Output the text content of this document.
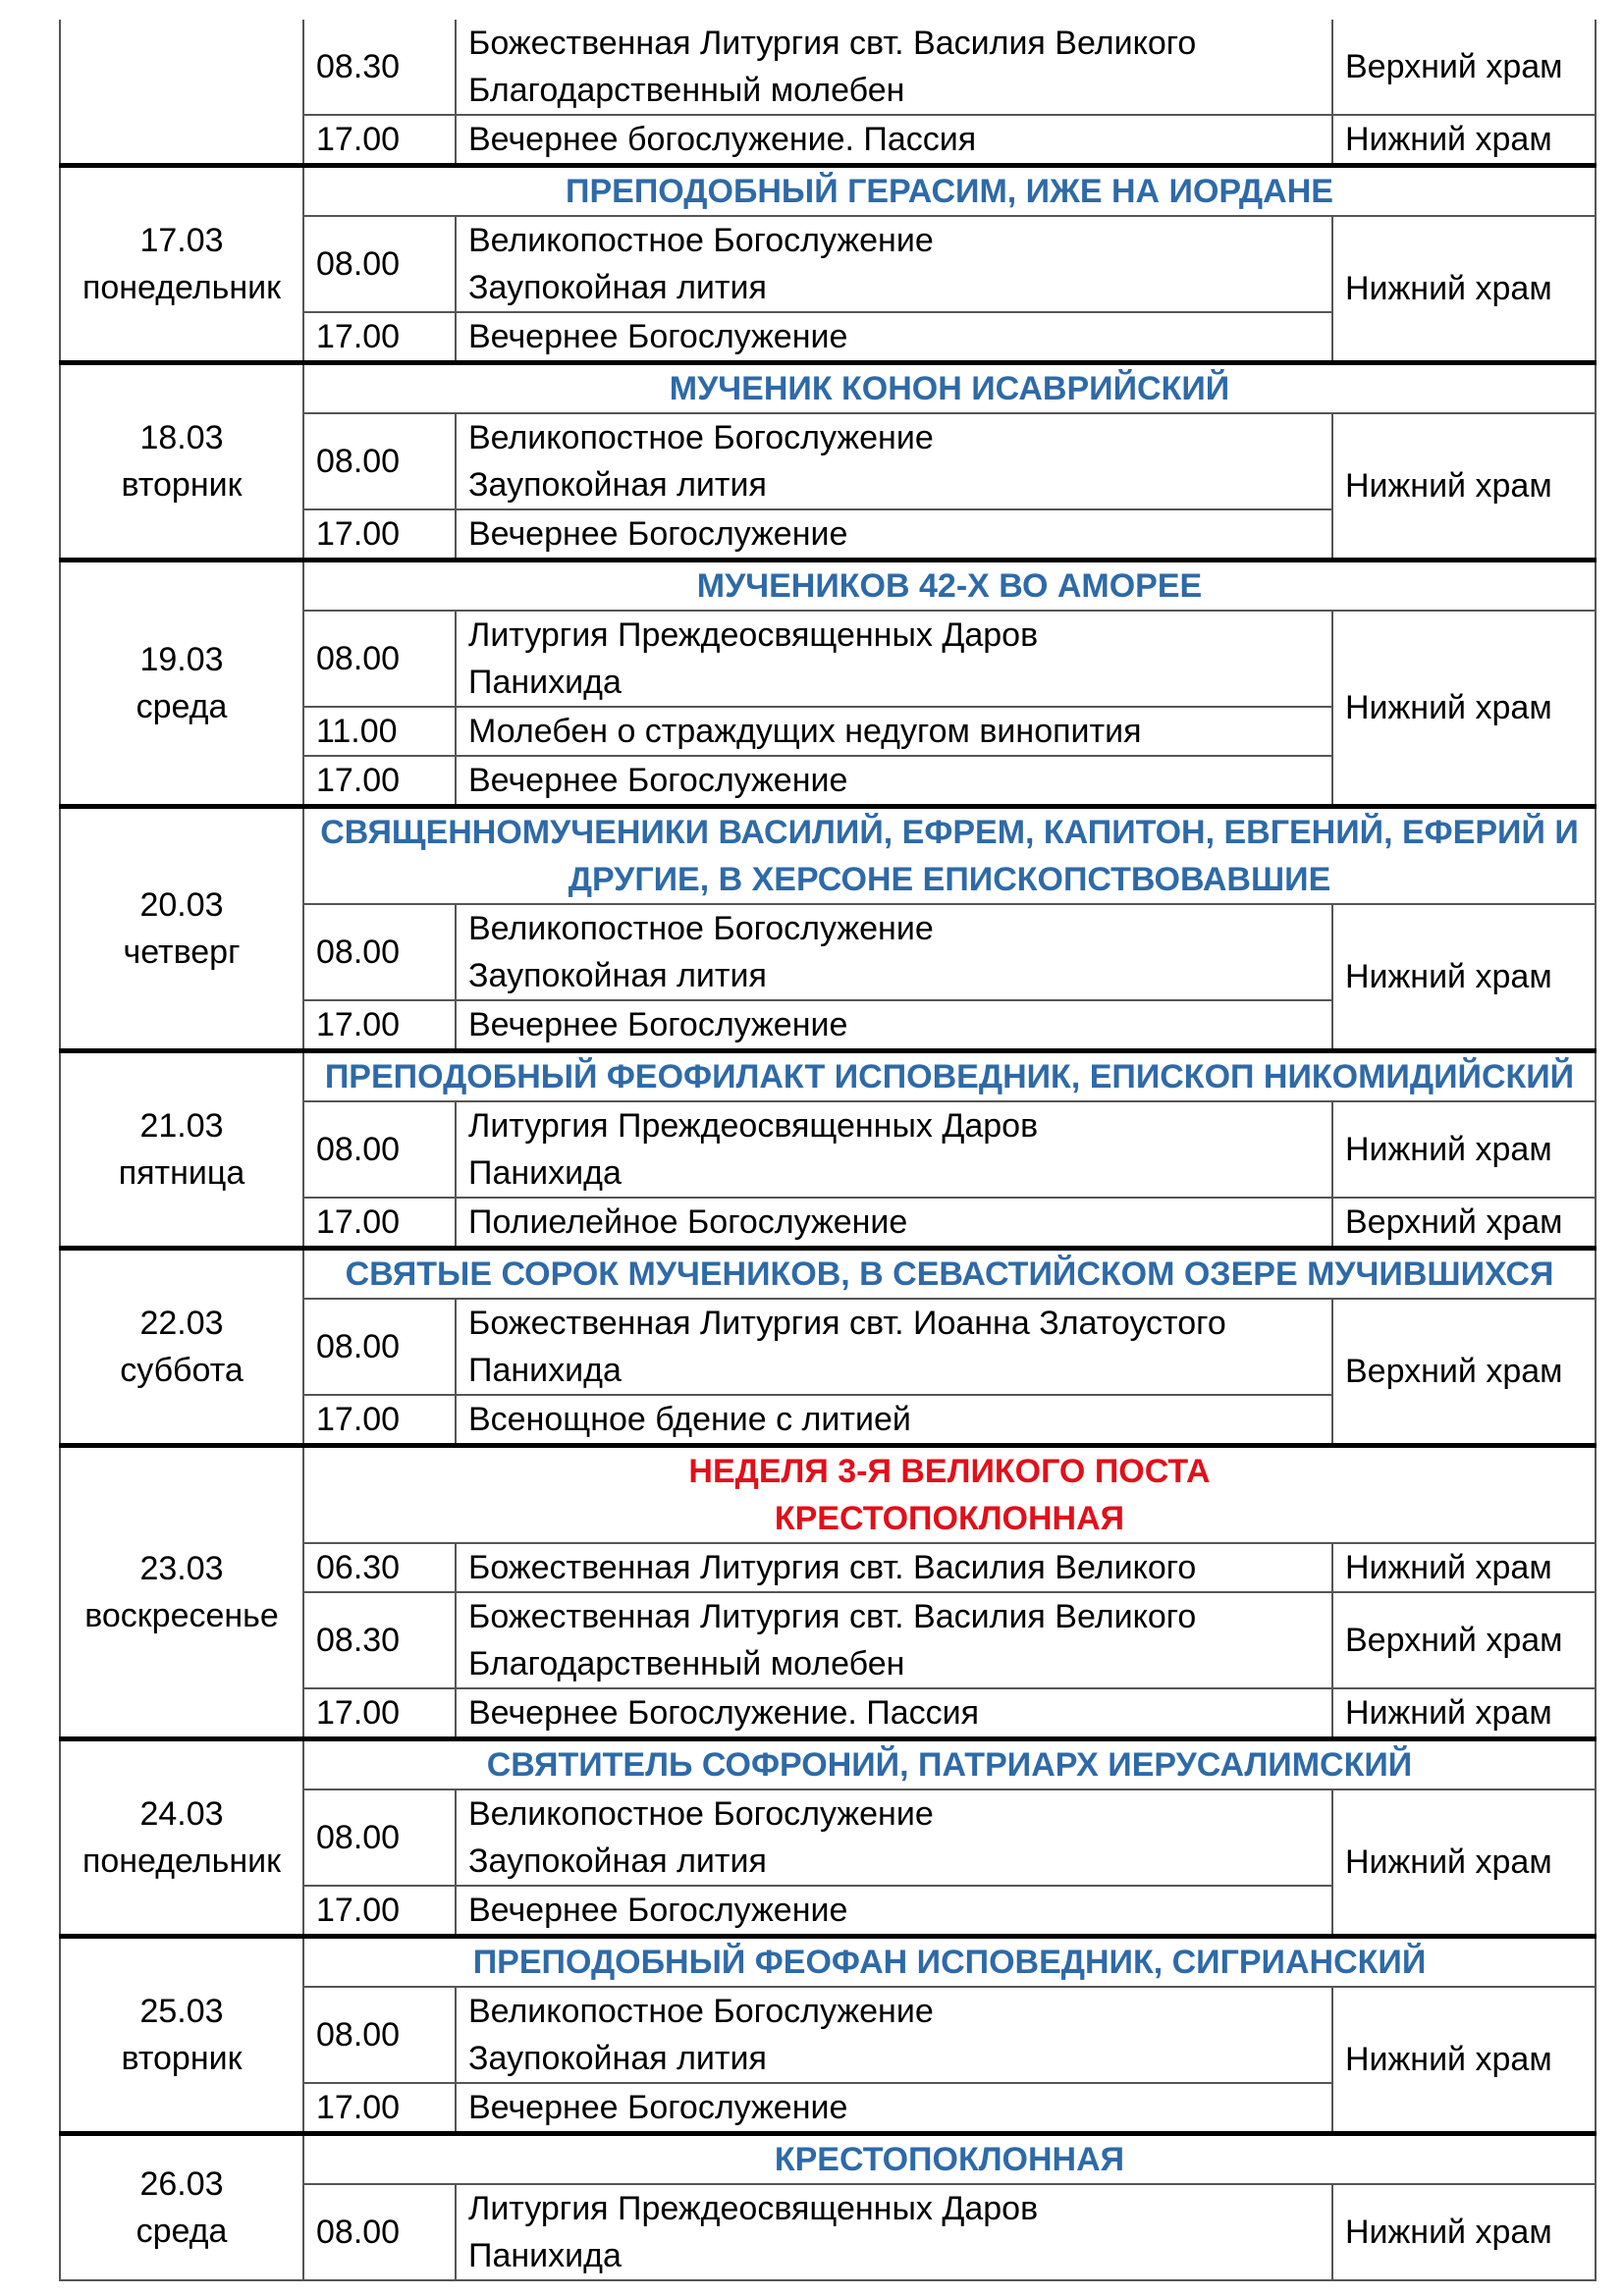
	08.30	Божественная Литургия свт. Василия Великого
Благодарственный молебен	Верхний храм
	17.00	Вечернее богослужение. Пассия	Нижний храм

17.03
понедельник	ПРЕПОДОБНЫЙ ГЕРАСИМ, ИЖЕ НА ИОРДАНЕ		

	08.00	Великопостное Богослужение
Заупокойная лития	Нижний храм
	17.00	Вечернее Богослужение	

18.03
вторник	МУЧЕНИК КОНОН ИСАВРИЙСКИЙ		

	08.00	Великопостное Богослужение
Заупокойная лития	Нижний храм
	17.00	Вечернее Богослужение	

19.03
среда	МУЧЕНИКОВ 42-Х ВО АМОРЕЕ		

	08.00	Литургия Преждеосвященных Даров
Панихида	Нижний храм
	11.00	Молебен о страждущих недугом винопития	

	17.00	Вечернее Богослужение	

20.03
четверг	СВЯЩЕННОМУЧЕНИКИ ВАСИЛИЙ, ЕФРЕМ, КАПИТОН, ЕВГЕНИЙ, ЕФЕРИЙ И
ДРУГИЕ, В ХЕРСОНЕ ЕПИСКОПСТВОВАВШИЕ		

	08.00	Великопостное Богослужение
Заупокойная лития	Нижний храм
	17.00	Вечернее Богослужение	

21.03
пятница	ПРЕПОДОБНЫЙ ФЕОФИЛАКТ ИСПОВЕДНИК, ЕПИСКОП НИКОМИДИЙСКИЙ		

	08.00	Литургия Преждеосвященных Даров
Панихида	Нижний храм
	17.00	Полиелейное Богослужение	Верхний храм

22.03
суббота	СВЯТЫЕ СОРОК МУЧЕНИКОВ, В СЕВАСТИЙСКОМ ОЗЕРЕ МУЧИВШИХСЯ		

	08.00	Божественная Литургия свт. Иоанна Златоустого
Панихида	Верхний храм
	17.00	Всенощное бдение с литией	

23.03
воскресенье	НЕДЕЛЯ 3-Я ВЕЛИКОГО ПОСТА
КРЕСТОПОКЛОННАЯ		

	06.30	Божественная Литургия свт. Василия Великого	Нижний храм
	08.30	Божественная Литургия свт. Василия Великого
Благодарственный молебен	Верхний храм
	17.00	Вечернее Богослужение. Пассия	Нижний храм

24.03
понедельник	СВЯТИТЕЛЬ СОФРОНИЙ, ПАТРИАРХ ИЕРУСАЛИМСКИЙ		

	08.00	Великопостное Богослужение
Заупокойная лития	Нижний храм
	17.00	Вечернее Богослужение	

25.03
вторник	ПРЕПОДОБНЫЙ ФЕОФАН ИСПОВЕДНИК, СИГРИАНСКИЙ		

	08.00	Великопостное Богослужение
Заупокойная лития	Нижний храм
	17.00	Вечернее Богослужение	

26.03
среда	КРЕСТОПОКЛОННАЯ		

	08.00	Литургия Преждеосвященных Даров
Панихида	Нижний храм
